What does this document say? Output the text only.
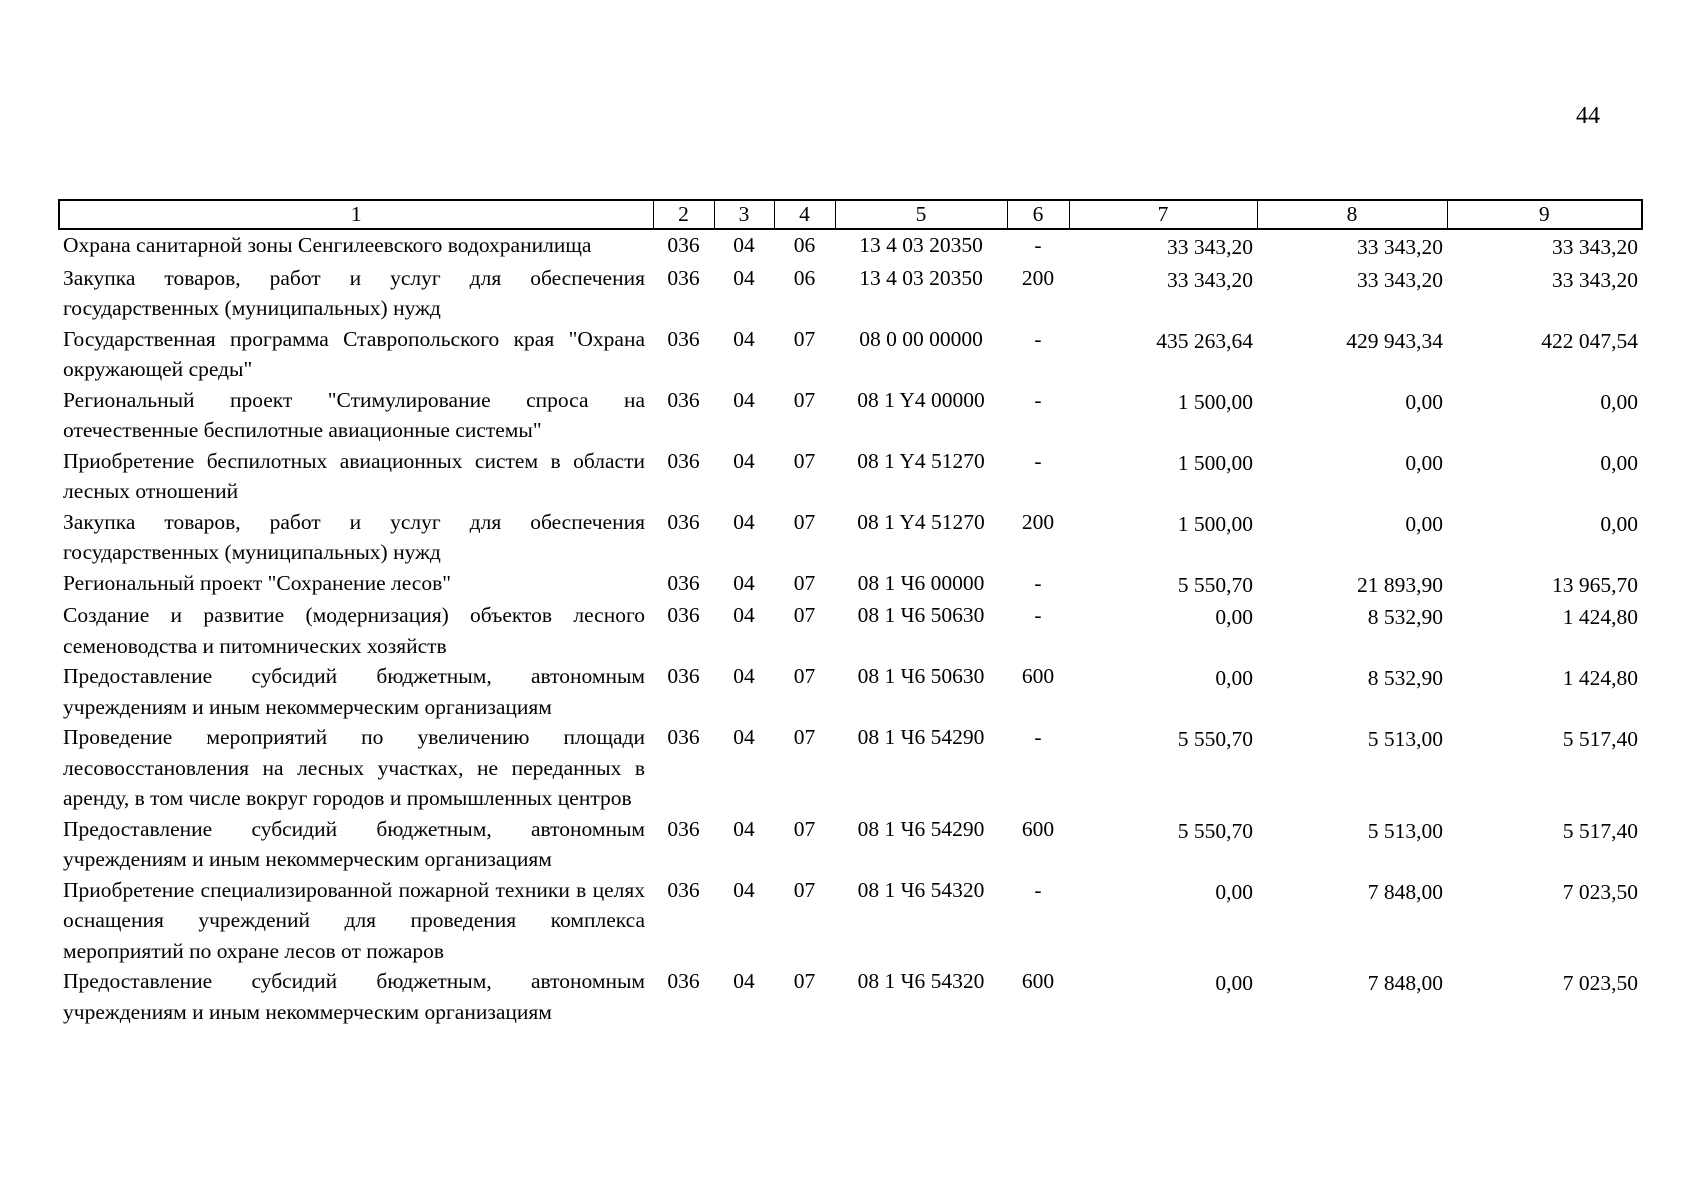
44
1	2	3	4	5	6	7	8	9
Охрана санитарной зоны Сенгилеевского водохранилища	036	04	06	13 4 03 20350	-	33 343,20	33 343,20	33 343,20
Закупка товаров, работ и услуг для обеспечения государственных (муниципальных) нужд	036	04	06	13 4 03 20350	200	33 343,20	33 343,20	33 343,20
Государственная программа Ставропольского края "Охрана окружающей среды"	036	04	07	08 0 00 00000	-	435 263,64	429 943,34	422 047,54
Региональный проект "Стимулирование спроса на отечественные беспилотные авиационные системы"	036	04	07	08 1 Y4 00000	-	1 500,00	0,00	0,00
Приобретение беспилотных авиационных систем в области лесных отношений	036	04	07	08 1 Y4 51270	-	1 500,00	0,00	0,00
Закупка товаров, работ и услуг для обеспечения государственных (муниципальных) нужд	036	04	07	08 1 Y4 51270	200	1 500,00	0,00	0,00
Региональный проект "Сохранение лесов"	036	04	07	08 1 Ч6 00000	-	5 550,70	21 893,90	13 965,70
Создание и развитие (модернизация) объектов лесного семеноводства и питомнических хозяйств	036	04	07	08 1 Ч6 50630	-	0,00	8 532,90	1 424,80
Предоставление субсидий бюджетным, автономным учреждениям и иным некоммерческим организациям	036	04	07	08 1 Ч6 50630	600	0,00	8 532,90	1 424,80
Проведение мероприятий по увеличению площади лесовосстановления на лесных участках, не переданных в аренду, в том числе вокруг городов и промышленных центров	036	04	07	08 1 Ч6 54290	-	5 550,70	5 513,00	5 517,40
Предоставление субсидий бюджетным, автономным учреждениям и иным некоммерческим организациям	036	04	07	08 1 Ч6 54290	600	5 550,70	5 513,00	5 517,40
Приобретение специализированной пожарной техники в целях оснащения учреждений для проведения комплекса мероприятий по охране лесов от пожаров	036	04	07	08 1 Ч6 54320	-	0,00	7 848,00	7 023,50
Предоставление субсидий бюджетным, автономным учреждениям и иным некоммерческим организациям	036	04	07	08 1 Ч6 54320	600	0,00	7 848,00	7 023,50
